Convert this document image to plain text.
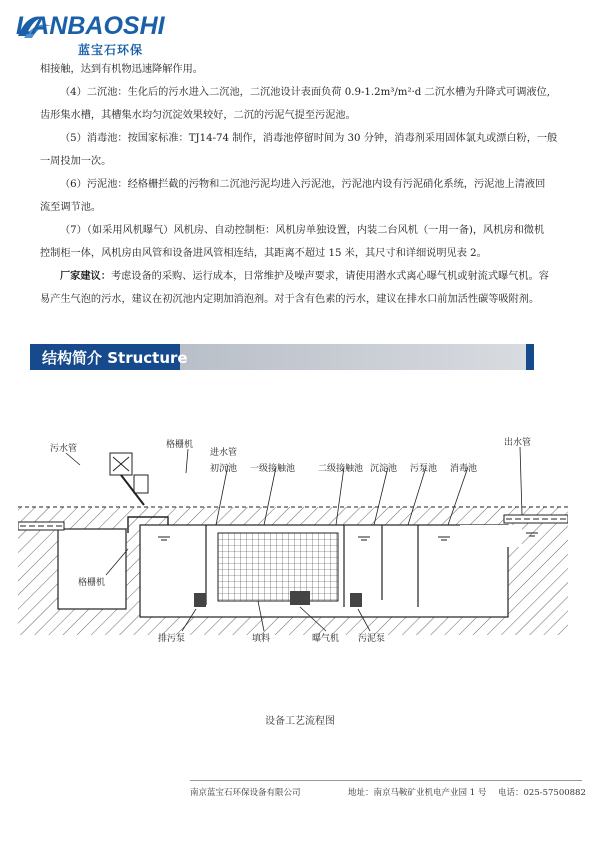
LANBAOSHI
蓝宝石环保
相接触，达到有机物迅速降解作用。
（4）二沉池：生化后的污水进入二沉池，二沉池设计表面负荷 0.9-1.2m³/m²·d 二沉水槽为升降式可调液位,
齿形集水槽，其槽集水均匀沉淀效果较好，二沉的污泥气提至污泥池。
（5）消毒池：按国家标准：TJ14-74 制作，消毒池停留时间为 30 分钟，消毒剂采用固体氯丸或漂白粉，一般
一周投加一次。
（6）污泥池：经格栅拦截的污物和二沉池污泥均进入污泥池，污泥池内设有污泥硝化系统，污泥池上清液回
流至调节池。
（7）（如采用风机曝气）风机房、自动控制柜：风机房单独设置，内装二台风机（一用一备)，风机房和微机
控制柜一体，风机房由风管和设备进风管相连结，其距离不超过 15 米，其尺寸和详细说明见表 2。
厂家建议：考虑设备的采购、运行成本，日常维护及噪声要求，请使用潜水式离心曝气机或射流式曝气机。容
易产生气泡的污水，建议在初沉池内定期加消泡剂。对于含有色素的污水，建议在排水口前加活性碳等吸附剂。
结构简介 Structure
污水管	格栅机
进水管
初沉池 一级接触池	二级接触池 沉淀池 污泵池 消毒池
出水管
格栅机
排污泵	填料	曝气机 污泥泵
设备工艺流程图
南京蓝宝石环保设备有限公司	地址：南京马鞍矿业机电产业园 1 号 电话：025-57500882
